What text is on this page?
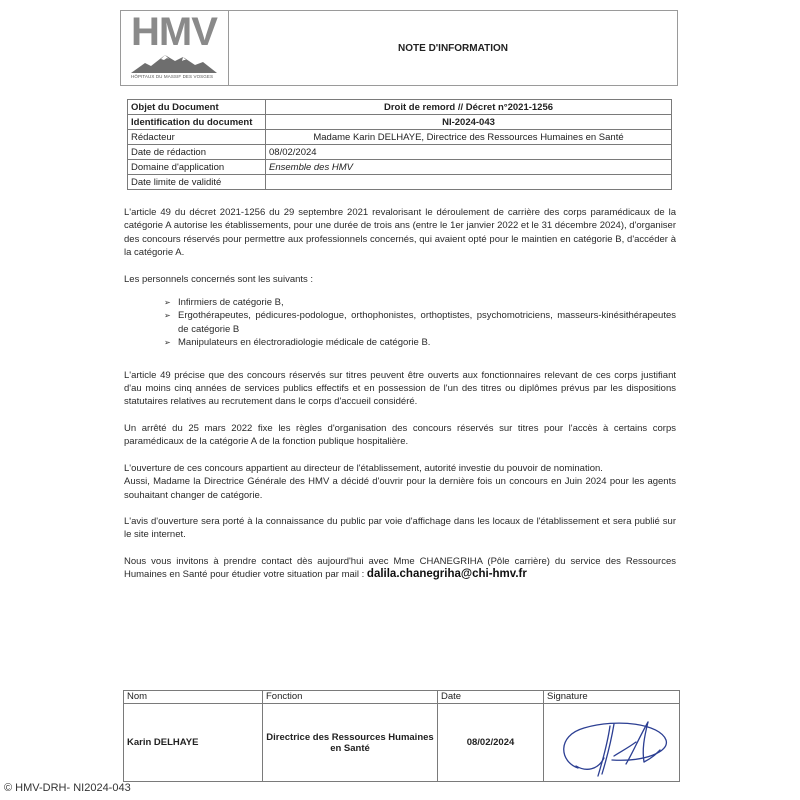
HMV
HÔPITAUX DU MASSIF DES VOSGES
NOTE D'INFORMATION
Objet du Document	Droit de remord // Décret n°2021-1256
Identification du document	NI-2024-043
Rédacteur	Madame Karin DELHAYE, Directrice des Ressources Humaines en Santé
Date de rédaction	08/02/2024
Domaine d'application	Ensemble des HMV
Date limite de validité	

L'article 49 du décret 2021-1256 du 29 septembre 2021 revalorisant le déroulement de carrière des corps paramédicaux de la catégorie A autorise les établissements, pour une durée de trois ans (entre le 1er janvier 2022 et le 31 décembre 2024), d'organiser des concours réservés pour permettre aux professionnels concernés, qui avaient opté pour le maintien en catégorie B, d'accéder à la catégorie A.

Les personnels concernés sont les suivants :

➢ Infirmiers de catégorie B,
➢ Ergothérapeutes, pédicures-podologue, orthophonistes, orthoptistes, psychomotriciens, masseurs-kinésithérapeutes de catégorie B
➢ Manipulateurs en électroradiologie médicale de catégorie B.

L'article 49 précise que des concours réservés sur titres peuvent être ouverts aux fonctionnaires relevant de ces corps justifiant d'au moins cinq années de services publics effectifs et en possession de l'un des titres ou diplômes prévus par les dispositions statutaires relatives au recrutement dans le corps d'accueil considéré.

Un arrêté du 25 mars 2022 fixe les règles d'organisation des concours réservés sur titres pour l'accès à certains corps paramédicaux de la catégorie A de la fonction publique hospitalière.

L'ouverture de ces concours appartient au directeur de l'établissement, autorité investie du pouvoir de nomination.

Aussi, Madame la Directrice Générale des HMV a décidé d'ouvrir pour la dernière fois un concours en Juin 2024 pour les agents souhaitant changer de catégorie.

L'avis d'ouverture sera porté à la connaissance du public par voie d'affichage dans les locaux de l'établissement et sera publié sur le site internet.

Nous vous invitons à prendre contact dès aujourd'hui avec Mme CHANEGRIHA (Pôle carrière) du service des Ressources Humaines en Santé pour étudier votre situation par mail : dalila.chanegriha@chi-hmv.fr

Nom	Fonction	Date	Signature
Karin DELHAYE	Directrice des Ressources Humaines en Santé	08/02/2024	
© HMV-DRH- NI2024-043
